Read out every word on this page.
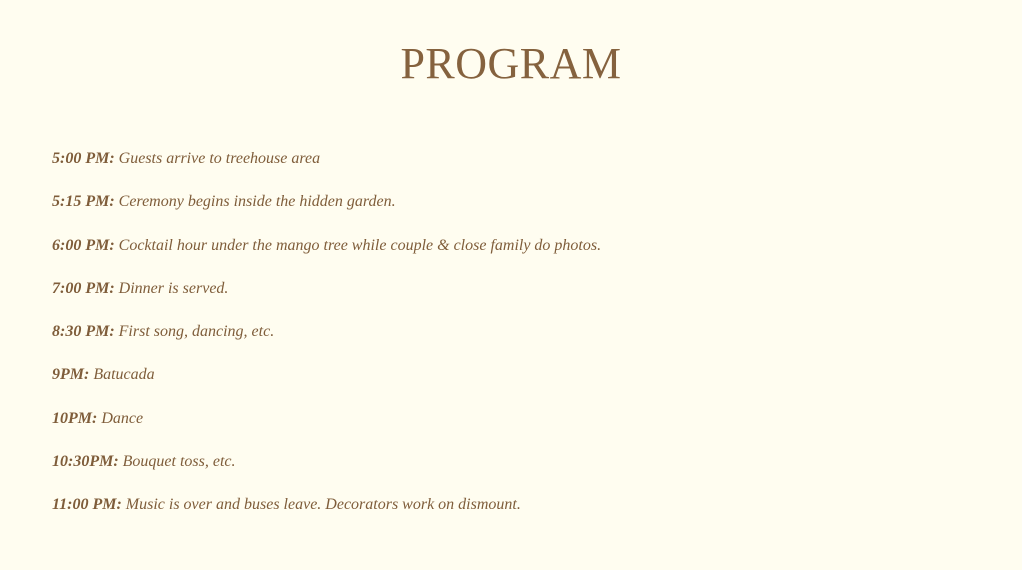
PROGRAM
5:00 PM: Guests arrive to treehouse area
5:15 PM: Ceremony begins inside the hidden garden.
6:00 PM: Cocktail hour under the mango tree while couple & close family do photos.
7:00 PM: Dinner is served.
8:30 PM: First song, dancing, etc.
9PM: Batucada
10PM: Dance
10:30PM: Bouquet toss, etc.
11:00 PM: Music is over and buses leave. Decorators work on dismount.
